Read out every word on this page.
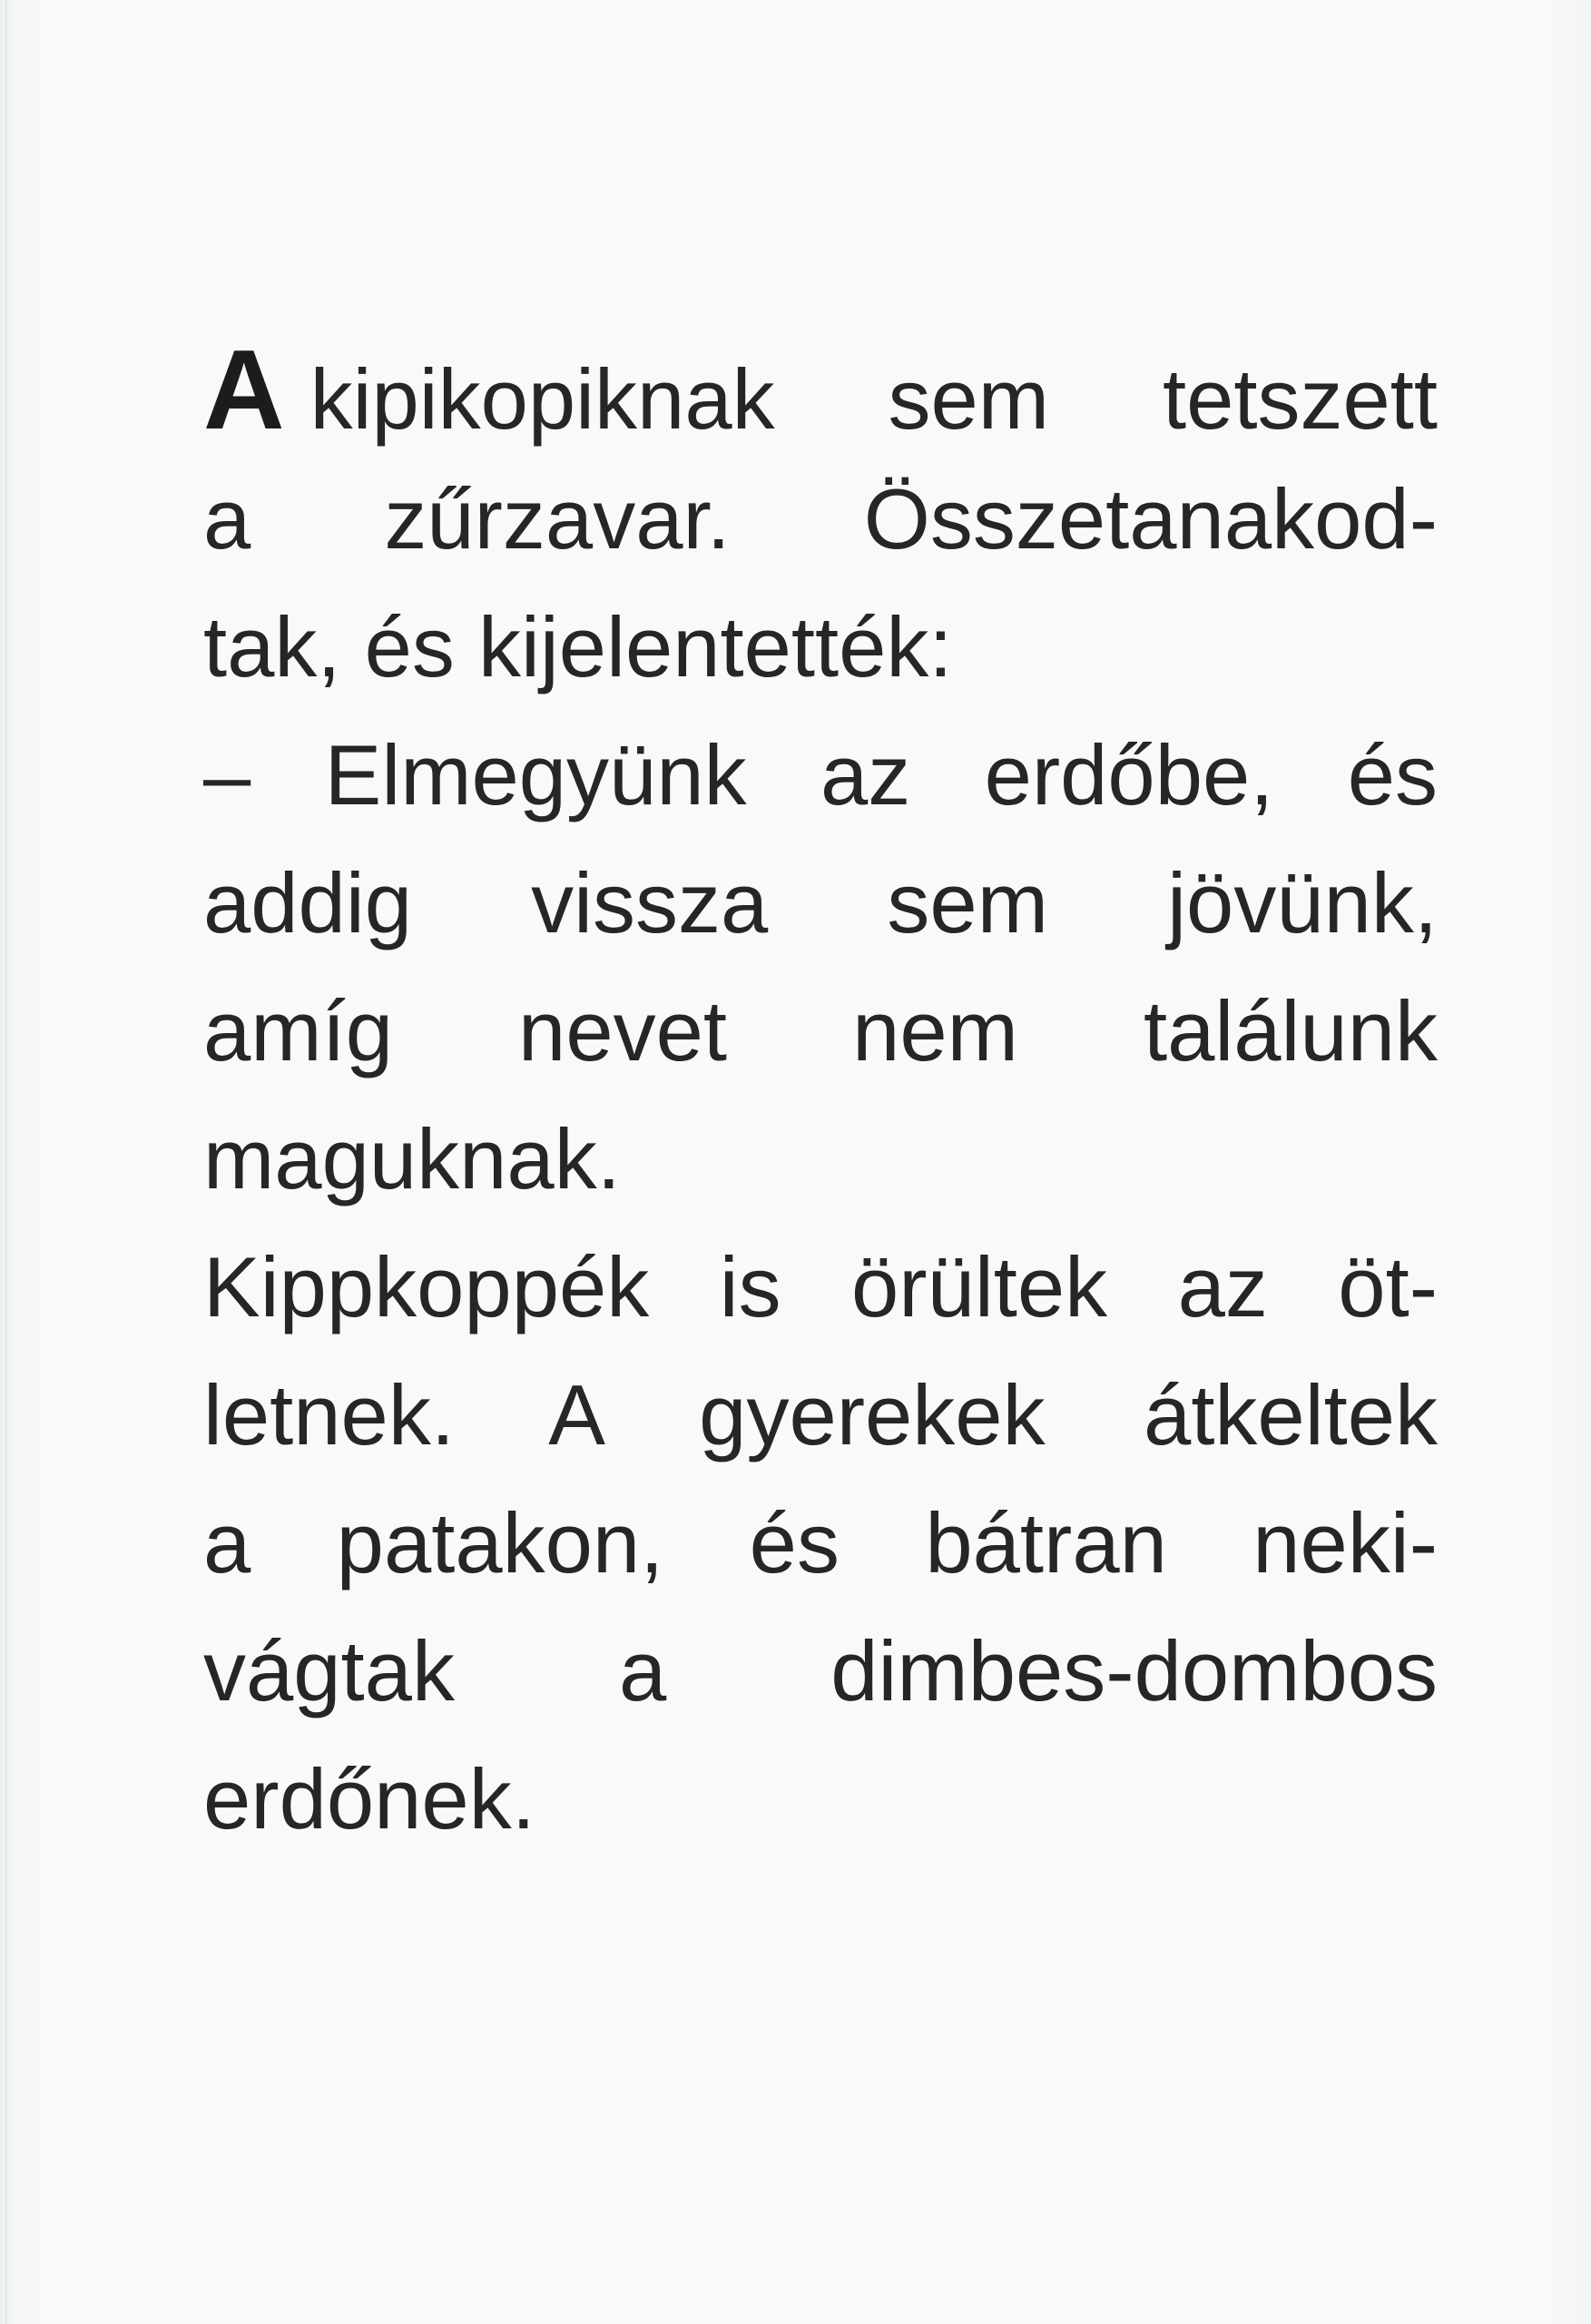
A kipikopiknak sem tetszett
a zűrzavar. Összetanakod-
tak, és kijelentették:
– Elmegyünk az erdőbe, és
addig vissza sem jövünk,
amíg nevet nem találunk
maguknak.
Kippkoppék is örültek az öt-
letnek. A gyerekek átkeltek
a patakon, és bátran neki-
vágtak a dimbes-dombos
erdőnek.
